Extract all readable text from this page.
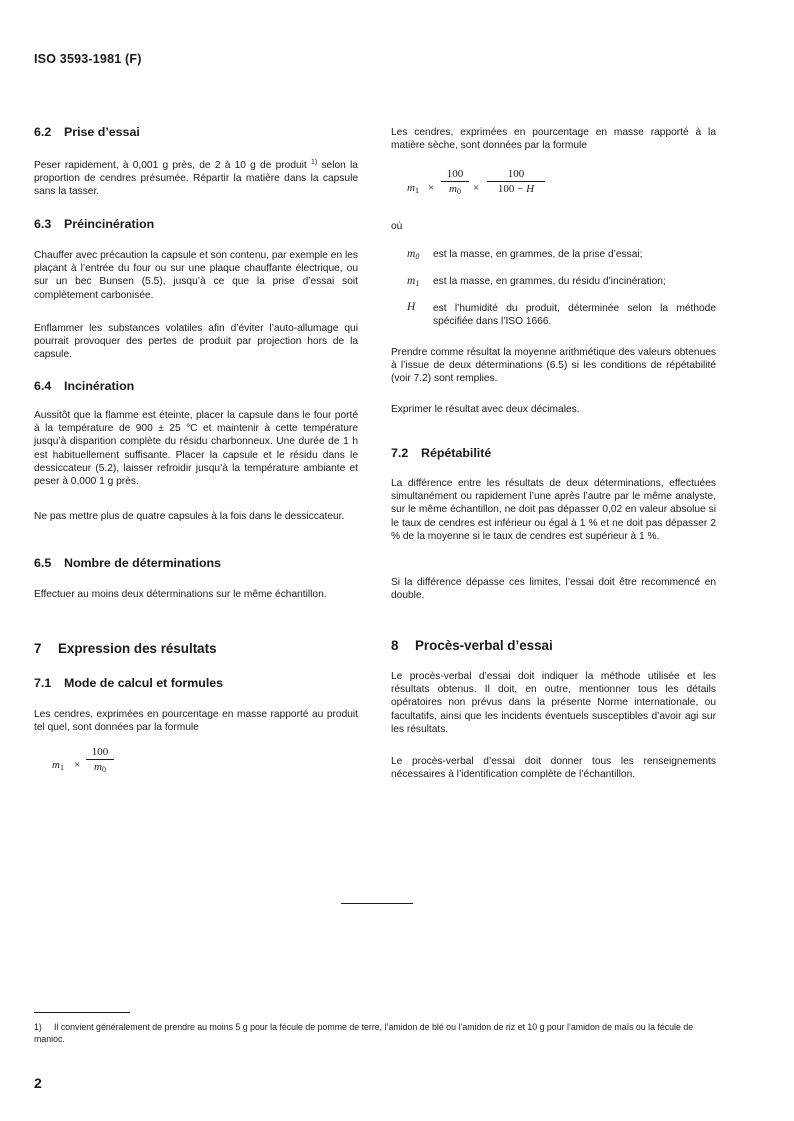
ISO 3593-1981 (F)
6.2 Prise d’essai

Peser rapidement, à 0,001 g près, de 2 à 10 g de produit $^{1)}$ selon la proportion de cendres présumée. Répartir la matière dans la capsule sans la tasser.

6.3 Préincinération

Chauffer avec précaution la capsule et son contenu, par exemple en les plaçant à l’entrée du four ou sur une plaque chauffante électrique, ou sur un bec Bunsen (5.5), jusqu’à ce que la prise d’essai soit complètement carbonisée.

Enflammer les substances volatiles afin d’éviter l’auto-allumage qui pourrait provoquer des pertes de produit par projection hors de la capsule.

6.4 Incinération

Aussitôt que la flamme est éteinte, placer la capsule dans le four porté à la température de 900 ± 25 °C et maintenir à cette température jusqu’à disparition complète du résidu charbonneux. Une durée de 1 h est habituellement suffisante. Placer la capsule et le résidu dans le dessiccateur (5.2), laisser refroidir jusqu’à la température ambiante et peser à 0,000 1 g près.

Ne pas mettre plus de quatre capsules à la fois dans le dessiccateur.

6.5 Nombre de déterminations

Effectuer au moins deux déterminations sur le même échantillon.

7 Expression des résultats
7.1 Mode de calcul et formules

Les cendres, exprimées en pourcentage en masse rapporté au produit tel quel, sont données par la formule

$m_1 \times \frac{100}{m_0}$

Les cendres, exprimées en pourcentage en masse rapporté à la matière sèche, sont données par la formule

$m_1 \times \frac{100}{m_0} \times \frac{100}{100 - H}$

où

$m_0$ est la masse, en grammes, de la prise d’essai;
$m_1$ est la masse, en grammes, du résidu d’incinération;
H est l’humidité du produit, déterminée selon la méthode spécifiée dans l’ISO 1666.

Prendre comme résultat la moyenne arithmétique des valeurs obtenues à l’issue de deux déterminations (6.5) si les conditions de répétabilité (voir 7.2) sont remplies.

Exprimer le résultat avec deux décimales.

7.2 Répétabilité

La différence entre les résultats de deux déterminations, effectuées simultanément ou rapidement l’une après l’autre par le même analyste, sur le même échantillon, ne doit pas dépasser 0,02 en valeur absolue si le taux de cendres est inférieur ou égal à 1 % et ne doit pas dépasser 2 % de la moyenne si le taux de cendres est supérieur à 1 %.

Si la différence dépasse ces limites, l’essai doit être recommencé en double.

8 Procès-verbal d’essai

Le procès-verbal d’essai doit indiquer la méthode utilisée et les résultats obtenus. Il doit, en outre, mentionner tous les détails opératoires non prévus dans la présente Norme internationale, ou facultatifs, ainsi que les incidents éventuels susceptibles d’avoir agi sur les résultats.

Le procès-verbal d’essai doit donner tous les renseignements nécessaires à l’identification complète de l’échantillon.

1) Il convient généralement de prendre au moins 5 g pour la fécule de pomme de terre, l’amidon de blé ou l’amidon de riz et 10 g pour l’amidon de maïs ou la fécule de manioc.
2
